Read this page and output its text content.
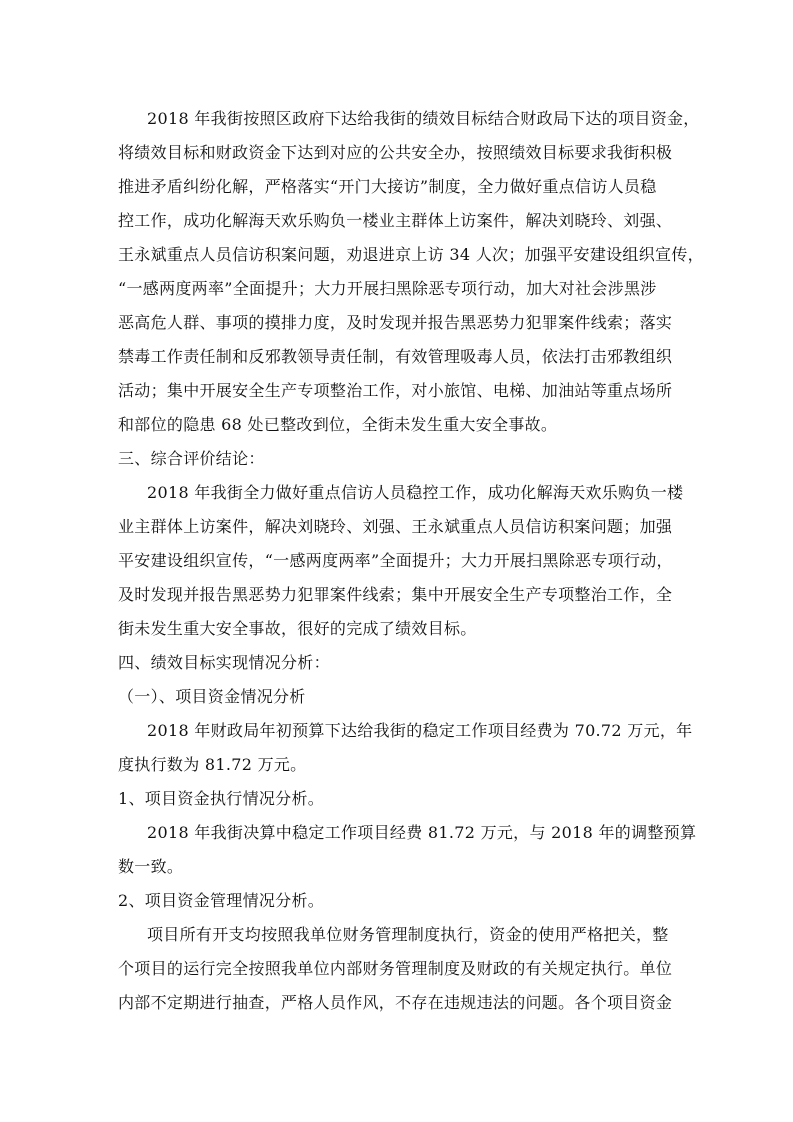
2018 年我街按照区政府下达给我街的绩效目标结合财政局下达的项目资金，
将绩效目标和财政资金下达到对应的公共安全办，按照绩效目标要求我街积极
推进矛盾纠纷化解，严格落实“开门大接访”制度，全力做好重点信访人员稳
控工作，成功化解海天欢乐购负一楼业主群体上访案件，解决刘晓玲、刘强、
王永斌重点人员信访积案问题，劝退进京上访 34 人次；加强平安建设组织宣传，
“一感两度两率”全面提升；大力开展扫黑除恶专项行动，加大对社会涉黑涉
恶高危人群、事项的摸排力度，及时发现并报告黑恶势力犯罪案件线索；落实
禁毒工作责任制和反邪教领导责任制，有效管理吸毒人员，依法打击邪教组织
活动；集中开展安全生产专项整治工作，对小旅馆、电梯、加油站等重点场所
和部位的隐患 68 处已整改到位，全街未发生重大安全事故。
三、综合评价结论：
2018 年我街全力做好重点信访人员稳控工作，成功化解海天欢乐购负一楼
业主群体上访案件，解决刘晓玲、刘强、王永斌重点人员信访积案问题；加强
平安建设组织宣传，“一感两度两率”全面提升；大力开展扫黑除恶专项行动，
及时发现并报告黑恶势力犯罪案件线索；集中开展安全生产专项整治工作，全
街未发生重大安全事故，很好的完成了绩效目标。
四、绩效目标实现情况分析：
（一）、项目资金情况分析
2018 年财政局年初预算下达给我街的稳定工作项目经费为 70.72 万元，年
度执行数为 81.72 万元。
1、项目资金执行情况分析。
2018 年我街决算中稳定工作项目经费 81.72 万元，与 2018 年的调整预算
数一致。
2、项目资金管理情况分析。
项目所有开支均按照我单位财务管理制度执行，资金的使用严格把关，整
个项目的运行完全按照我单位内部财务管理制度及财政的有关规定执行。单位
内部不定期进行抽查，严格人员作风，不存在违规违法的问题。各个项目资金
